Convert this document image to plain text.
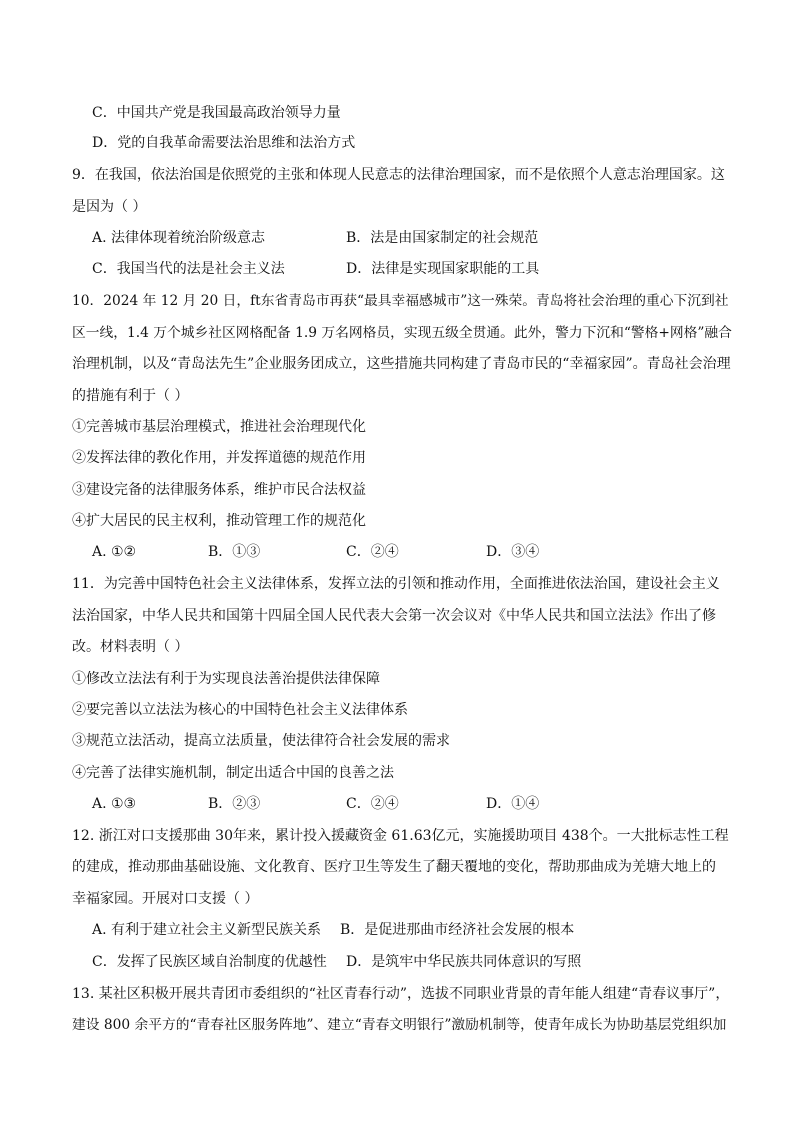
C．中国共产党是我国最高政治领导力量
D．党的自我革命需要法治思维和法治方式
9．在我国，依法治国是依照党的主张和体现人民意志的法律治理国家，而不是依照个人意志治理国家。这
是因为（ ）
A. 法律体现着统治阶级意志	B．法是由国家制定的社会规范
C．我国当代的法是社会主义法	D．法律是实现国家职能的工具
10．2024 年 12 月 20 日，ft东省青岛市再获“最具幸福感城市”这一殊荣。青岛将社会治理的重心下沉到社
区一线，1.4 万个城乡社区网格配备 1.9 万名网格员，实现五级全贯通。此外，警力下沉和“警格+网格”融合
治理机制，以及“青岛法先生”企业服务团成立，这些措施共同构建了青岛市民的“幸福家园”。青岛社会治理
的措施有利于（ ）
①完善城市基层治理模式，推进社会治理现代化
②发挥法律的教化作用，并发挥道德的规范作用
③建设完备的法律服务体系，维护市民合法权益
④扩大居民的民主权利，推动管理工作的规范化
A. ①②	B．①③	C．②④	D．③④
11．为完善中国特色社会主义法律体系，发挥立法的引领和推动作用，全面推进依法治国，建设社会主义
法治国家，中华人民共和国第十四届全国人民代表大会第一次会议对《中华人民共和国立法法》作出了修
改。材料表明（ ）
①修改立法法有利于为实现良法善治提供法律保障
②要完善以立法法为核心的中国特色社会主义法律体系
③规范立法活动，提高立法质量，使法律符合社会发展的需求
④完善了法律实施机制，制定出适合中国的良善之法
A. ①③	B．②③	C．②④	D．①④
12. 浙江对口支援那曲 30年来，累计投入援藏资金 61.63亿元，实施援助项目 438个。一大批标志性工程
的建成，推动那曲基础设施、文化教育、医疗卫生等发生了翻天覆地的变化，帮助那曲成为羌塘大地上的
幸福家园。开展对口支援（ ）
A. 有利于建立社会主义新型民族关系 B．是促进那曲市经济社会发展的根本
C．发挥了民族区域自治制度的优越性 D．是筑牢中华民族共同体意识的写照
13. 某社区积极开展共青团市委组织的“社区青春行动”，选拔不同职业背景的青年能人组建“青春议事厅”，
建设 800 余平方的“青春社区服务阵地”、建立“青春文明银行”激励机制等，使青年成长为协助基层党组织加
